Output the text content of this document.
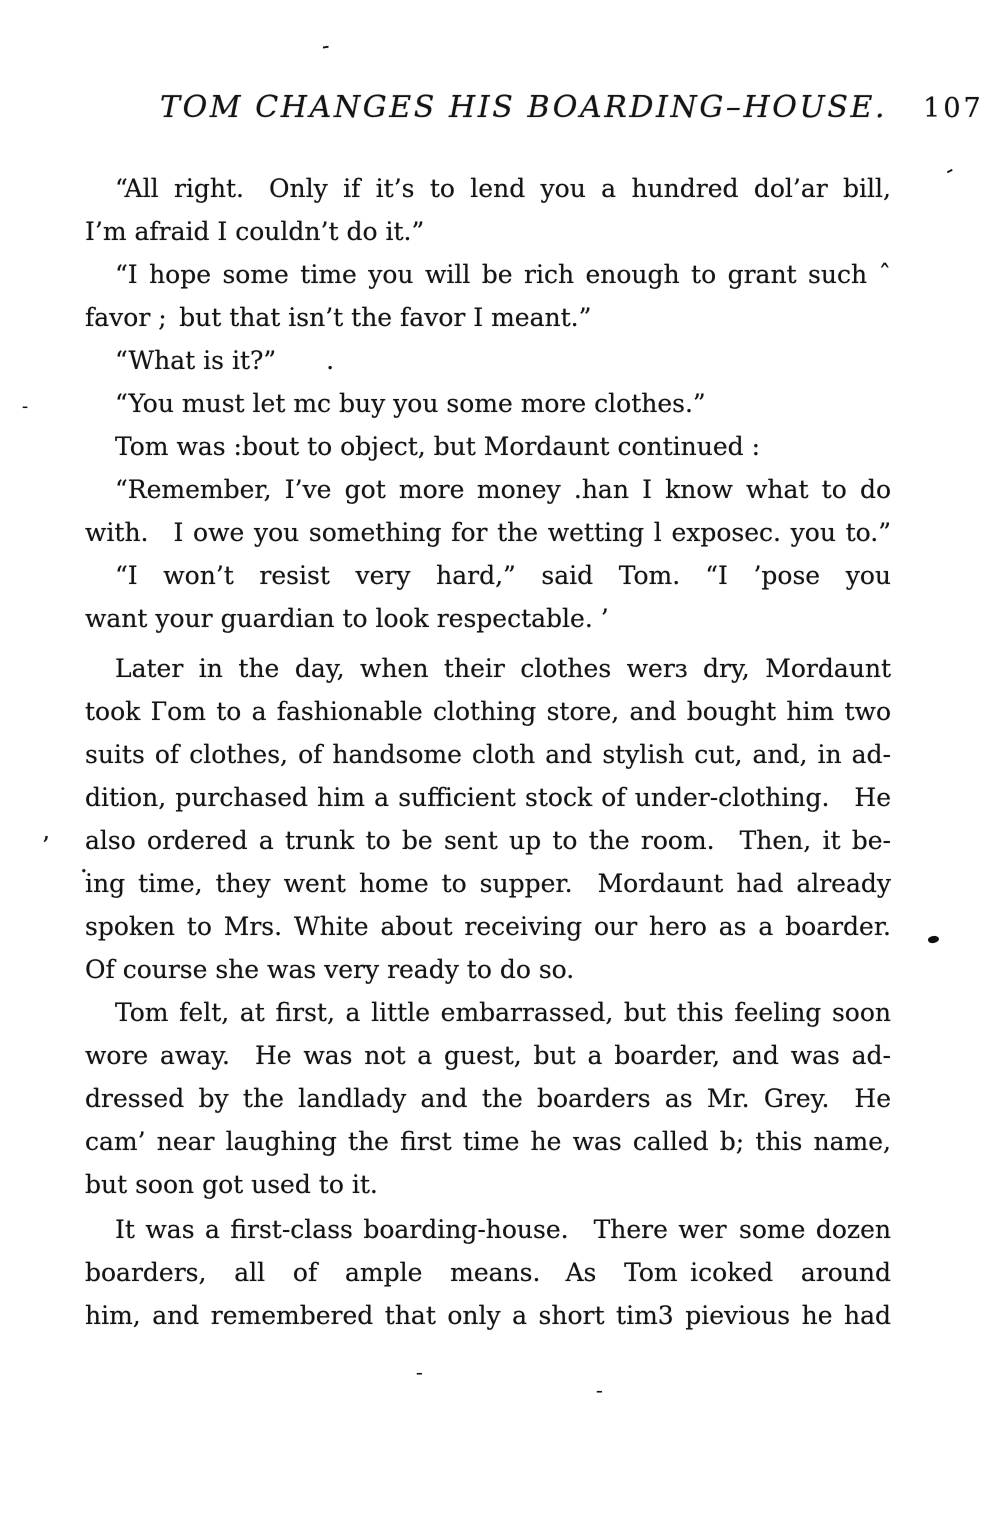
TOM CHANGES HIS BOARDING–HOUSE. 107
“All right. Only if it’s to lend you a hundred dol’ar bill,
I’m afraid I couldn’t do it.”
“I hope some time you will be rich enough to grant such ˆ
favor ; but that isn’t the favor I meant.”
“What is it?”  .
“You must let mc buy you some more clothes.”
Tom was :bout to object, but Mordaunt continued :
“Remember, I’ve got more money .han I know what to do
with. I owe you something for the wetting l exposec. you to.”
“I won’t resist very hard,” said Tom. “I ’pose you
want your guardian to look respectable. ’
Later in the day, when their clothes werɜ dry, Mordaunt
took Гom to a fashionable clothing store, and bought him two
suits of clothes, of handsome cloth and stylish cut, and, in ad-
dition, purchased him a sufficient stock of under-clothing. He
also ordered a trunk to be sent up to the room. Then, it be-
ing time, they went home to supper. Mordaunt had already
spoken to Mrs. White about receiving our hero as a boarder.
Of course she was very ready to do so.
Tom felt, at first, a little embarrassed, but this feeling soon
wore away. He was not a guest, but a boarder, and was ad-
dressed by the landlady and the boarders as Mr. Grey. He
cam’ near laughing the first time he was called b; this name,
but soon got used to it.
It was a first-class boarding-house. There wer some dozen
boarders, all of ample means. As Tom icoked around
him, and remembered that only a short tim3 pievious he had
-
-
-
’
.
-
-
